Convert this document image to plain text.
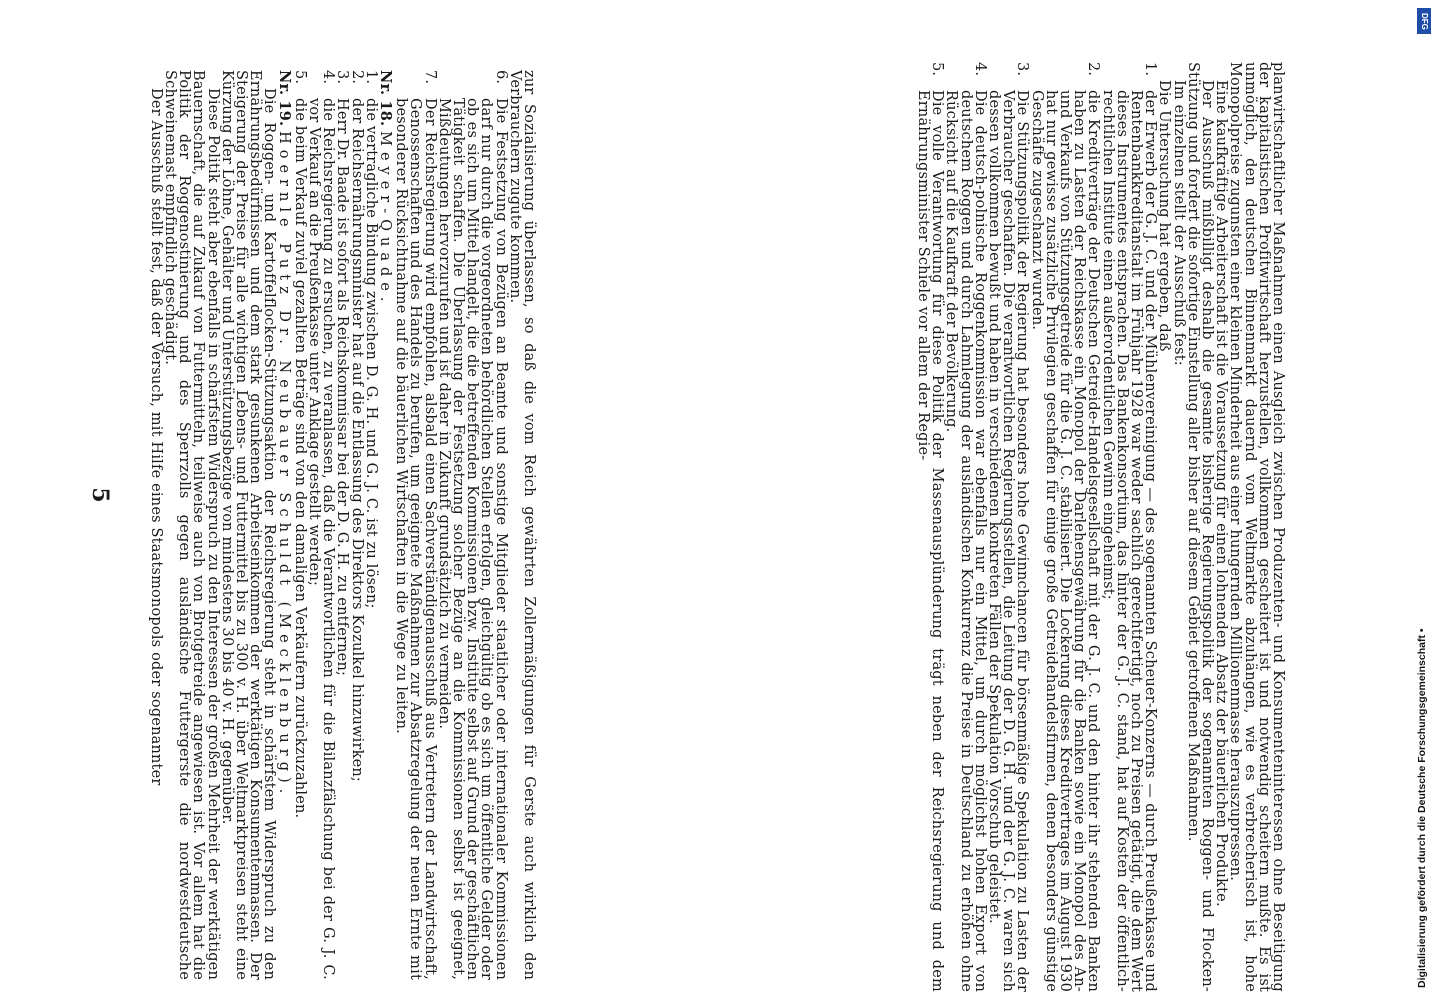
5	zur Sozialisierung überlassen, so daß die vom Reich gewährten Zollermäßigungen für Gerste auch wirklich den Verbrauchern zugute kommen.

6.
Die Festsetzung von Bezügen an Beamte und sonstige Mitglieder staatlicher oder internationaler Kommissionen darf nur durch die vorgeordneten behördlichen Stellen erfolgen, gleichgültig ob es sich um öffentliche Gelder oder ob es sich um Mittel handelt, die die betreffenden Kommissionen bzw. Institute selbst auf Grund der geschäftlichen Tätigkeit schaffen. Die Überlassung der Festsetzung solcher Bezüge an die Kommissionen selbst ist geeignet, Mißdeutungen hervorzurufen und ist daher in Zukunft grundsätzlich zu vermeiden.
7.
Der Reichsregierung wird empfohlen, alsbald einen Sachverständigenausschuß aus Vertretern der Landwirtschaft, Genossenschaften und des Handels zu berufen, um geeignete Maßnahmen zur Absatzregelung der neuen Ernte mit besonderer Rücksichtnahme auf die bäuerlichen Wirtschaften in die Wege zu leiten.

Nr. 18. Meyer-Quade.

1.
die vertragliche Bindung zwischen D. G. H. und G. J. C. ist zu lösen;
2.
der Reichsernährungsminister hat auf die Entlassung des Direktors Kozulkel hinzuwirken;
3.
Herr Dr. Baade ist sofort als Reichskommissar bei der D. G. H. zu entfernen;
4.
die Reichsregierung zu ersuchen, zu veranlassen, daß die Verantwortlichen für die Bilanzfälschung bei der G. J. C. vor Verkauf an die Preußenkasse unter Anklage gestellt werden;
5.
die beim Verkauf zuviel gezahlten Beträge sind von den damaligen Verkäufern zurückzuzahlen.

Nr. 19. Hoernle Putz Dr. Neubauer Schuldt (Mecklenburg).

Die Roggen- und Kartoffelflocken-Stützungsaktion der Reichsregierung steht in schärfstem Widerspruch zu den Ernährungsbedürfnissen und dem stark gesunkenen Arbeitseinkommen der werktätigen Konsumentenmassen. Der Steigerung der Preise für alle wichtigen Lebens- und Futtermittel bis zu 300 v. H. über Weltmarktpreisen steht eine Kürzung der Löhne, Gehälter und Unterstützungsbezüge von mindestens 30 bis 40 v. H. gegenüber.

Diese Politik steht aber ebenfalls in schärfstem Widerspruch zu den Interessen der großen Mehrheit der werktätigen Bauernschaft, die auf Zukauf von Futtermitteln, teilweise auch von Brotgetreide angewiesen ist. Vor allem hat die Politik der Roggenostinierung und des Sperrzolls gegen ausländische Futtergerste die nordwestdeutsche Schweinemast empfindlich geschädigt.

Der Ausschuß stellt fest, daß der Versuch, mit Hilfe eines Staatsmonopols oder sogenannter	planwirtschaftlicher Maßnahmen einen Ausgleich zwischen Produzenten- und Konsumenteninteressen ohne Beseitigung der kapitalistischen Profitwirtschaft herzustellen, vollkommen gescheitert ist und notwendig scheitern mußte. Es ist unmöglich, den deutschen Binnenmarkt dauernd vom Weltmarkte abzuhängen, wie es verbrecherisch ist, hohe Monopolpreise zugunsten einer kleinen Minderheit aus einer hungernden Millionenmasse herauszupressen.

Eine kaufkräftige Arbeiterschaft ist die Voraussetzung für einen lohnenden Absatz der bäuerlichen Produkte.

Der Ausschuß mißbilligt deshalb die gesamte bisherige Regierungspolitik der sogenannten Roggen- und Flocken-Stützung und fordert die sofortige Einstellung aller bisher auf diesem Gebiet getroffenen Maßnahmen.

Im einzelnen stellt der Ausschuß fest:

Die Untersuchung hat ergeben, daß

1.
der Erwerb der G. J. C. und der Mühlenvereinigung — des sogenannten Scheuer-Konzerns — durch Preußenkasse und Rentenbankkreditanstalt im Frühjahr 1928 war weder sachlich gerechtfertigt, noch zu Preisen getätigt, die dem Wert dieses Instrumentes entsprachen. Das Bankenkonsortium, das hinter der G. J. C. stand, hat auf Kosten der öffentlich-rechtlichen Institute einen außerordentlichen Gewinn eingeheimst;
2.
die Kreditverträge der Deutschen Getreide-Handelsgesellschaft mit der G. J. C. und den hinter ihr stehenden Banken haben zu Lasten der Reichskasse ein Monopol der Darlehensgewährung für die Banken sowie ein Monopol des An- und Verkaufs von Stützungsgetreide für die G. J. C. stabilisiert. Die Lockerung dieses Kreditvertrages im August 1930 hat nur gewisse zusätzliche Privilegien geschaffen für einige große Getreidehandelsfirmen, denen besonders günstige Geschäfte zugeschanzt wurden.
3.
Die Stützungspolitik der Regierung hat besonders hohe Gewinnchancen für börsenmäßige Spekulation zu Lasten der Verbraucher geschaffen. Die verantwortlichen Regierungsstellen, die Leitung der D. G. H. und der G. J. C. waren sich dessen vollkommen bewußt und haben in verschiedenen konkreten Fällen der Spekulation Vorschub geleistet.
4.
Die deutsch-polnische Roggenkommission war ebenfalls nur ein Mittel, um durch möglichst hohen Export von deutschem Roggen und durch Lahmlegung der ausländischen Konkurrenz die Preise in Deutschland zu erhöhen ohne Rücksicht auf die Kaufkraft der Bevölkerung.
5.
Die volle Verantwortung für diese Politik der Massenausplünderung trägt neben der Reichsregierung und dem Ernährungsminister Schiele vor allem der Regie-
DFG
Digitalisierung gefördert durch die Deutsche Forschungsgemeinschaft •
